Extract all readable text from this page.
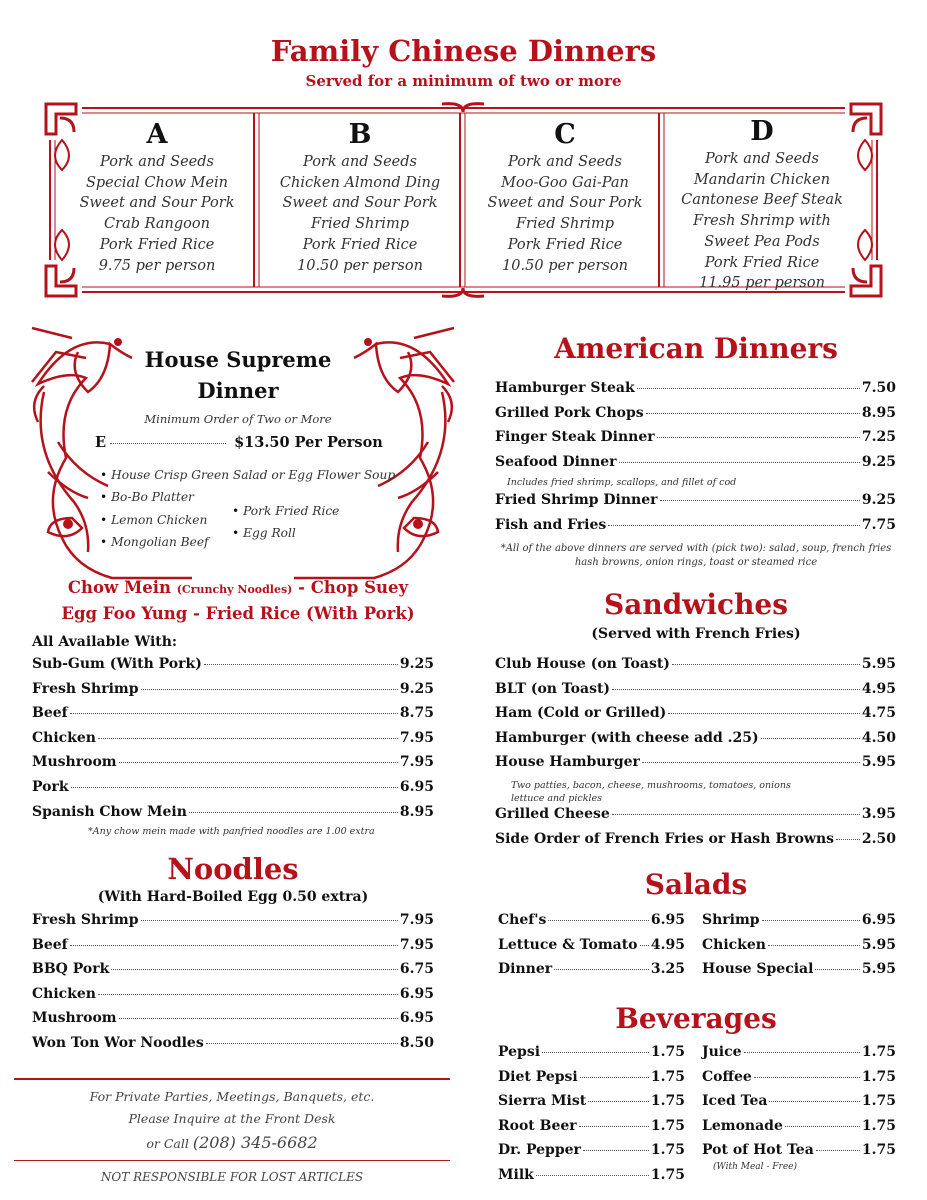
Family Chinese Dinners
Served for a minimum of two or more
A
Pork and Seeds
Special Chow Mein
Sweet and Sour Pork
Crab Rangoon
Pork Fried Rice
9.75 per person
B
Pork and Seeds
Chicken Almond Ding
Sweet and Sour Pork
Fried Shrimp
Pork Fried Rice
10.50 per person
C
Pork and Seeds
Moo-Goo Gai-Pan
Sweet and Sour Pork
Fried Shrimp
Pork Fried Rice
10.50 per person
D
Pork and Seeds
Mandarin Chicken
Cantonese Beef Steak
Fresh Shrimp with
Sweet Pea Pods
Pork Fried Rice
11.95 per person
House Supreme
Dinner
Minimum Order of Two or More
E	$13.50 Per Person
• House Crisp Green Salad or Egg Flower Soup
• Bo-Bo Platter
• Lemon Chicken
• Mongolian Beef
• Pork Fried Rice
• Egg Roll
Chow Mein (Crunchy Noodles) - Chop Suey
Egg Foo Yung - Fried Rice (With Pork)
All Available With:
Sub-Gum (With Pork)	9.25
Fresh Shrimp	9.25
Beef	8.75
Chicken	7.95
Mushroom	7.95
Pork	6.95
Spanish Chow Mein	8.95
*Any chow mein made with panfried noodles are 1.00 extra
Noodles
(With Hard-Boiled Egg 0.50 extra)
Fresh Shrimp	7.95
Beef	7.95
BBQ Pork	6.75
Chicken	6.95
Mushroom	6.95
Won Ton Wor Noodles	8.50
For Private Parties, Meetings, Banquets, etc.
Please Inquire at the Front Desk
or Call (208) 345-6682
NOT RESPONSIBLE FOR LOST ARTICLES
American Dinners
Hamburger Steak	7.50
Grilled Pork Chops	8.95
Finger Steak Dinner	7.25
Seafood Dinner	9.25
Includes fried shrimp, scallops, and fillet of cod
Fried Shrimp Dinner	9.25
Fish and Fries	7.75
*All of the above dinners are served with (pick two): salad, soup, french fries
hash browns, onion rings, toast or steamed rice
Sandwiches
(Served with French Fries)
Club House (on Toast)	5.95
BLT (on Toast)	4.95
Ham (Cold or Grilled)	4.75
Hamburger (with cheese add .25)	4.50
House Hamburger	5.95
Two patties, bacon, cheese, mushrooms, tomatoes, onions
lettuce and pickles
Grilled Cheese	3.95
Side Order of French Fries or Hash Browns 2.50
Salads
Chef's	6.95
Lettuce & Tomato 4.95
Dinner	3.25
Shrimp	6.95
Chicken	5.95
House Special	5.95
Beverages
Pepsi	1.75
Diet Pepsi	1.75
Sierra Mist	1.75
Root Beer	1.75
Dr. Pepper	1.75
Milk	1.75
Juice	1.75
Coffee	1.75
Iced Tea	1.75
Lemonade	1.75
Pot of Hot Tea	1.75
(With Meal - Free)
